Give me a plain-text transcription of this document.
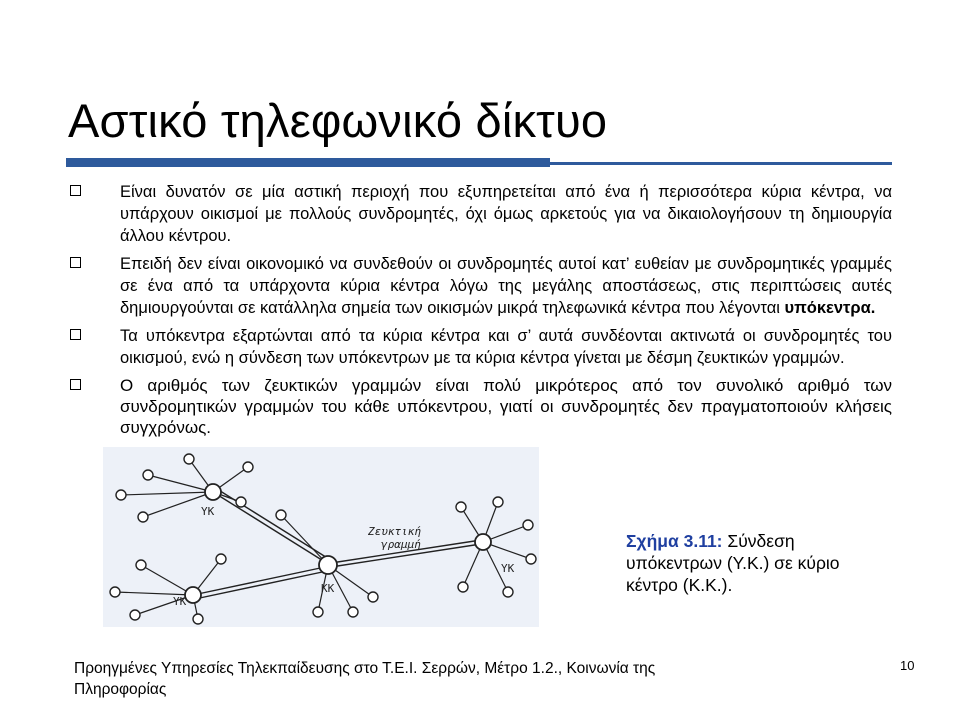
Αστικό τηλεφωνικό δίκτυο
Είναι δυνατόν σε μία αστική περιοχή που εξυπηρετείται από ένα ή περισσότερα κύρια κέντρα, να υπάρχουν οικισμοί με πολλούς συνδρομητές, όχι όμως αρκετούς για να δικαιολογήσουν τη δημιουργία άλλου κέντρου.
Επειδή δεν είναι οικονομικό να συνδεθούν οι συνδρομητές αυτοί κατ’ ευθείαν με συνδρομητικές γραμμές σε ένα από τα υπάρχοντα κύρια κέντρα λόγω της μεγάλης αποστάσεως, στις περιπτώσεις αυτές δημιουργούνται σε κατάλληλα σημεία των οικισμών μικρά τηλεφωνικά κέντρα που λέγονται υπόκεντρα.
Τα υπόκεντρα εξαρτώνται από τα κύρια κέντρα και σ’ αυτά συνδέονται ακτινωτά οι συνδρομητές του οικισμού, ενώ η σύνδεση των υπόκεντρων με τα κύρια κέντρα γίνεται με δέσμη ζευκτικών γραμμών.
Ο αριθμός των ζευκτικών γραμμών είναι πολύ μικρότερος από τον συνολικό αριθμό των συνδρομητικών γραμμών του κάθε υπόκεντρου, γιατί οι συνδρομητές δεν πραγματοποιούν κλήσεις συγχρόνως.
ΥΚ
ΥΚ
ΚΚ
ΥΚ
Ζευκτική
γραμμή	Σχήμα 3.11: Σύνδεση υπόκεντρων (Υ.Κ.) σε κύριο κέντρο (Κ.Κ.).
Προηγμένες Υπηρεσίες Τηλεκπαίδευσης στο Τ.Ε.Ι. Σερρών, Μέτρο 1.2., Κοινωνία της Πληροφορίας
10
